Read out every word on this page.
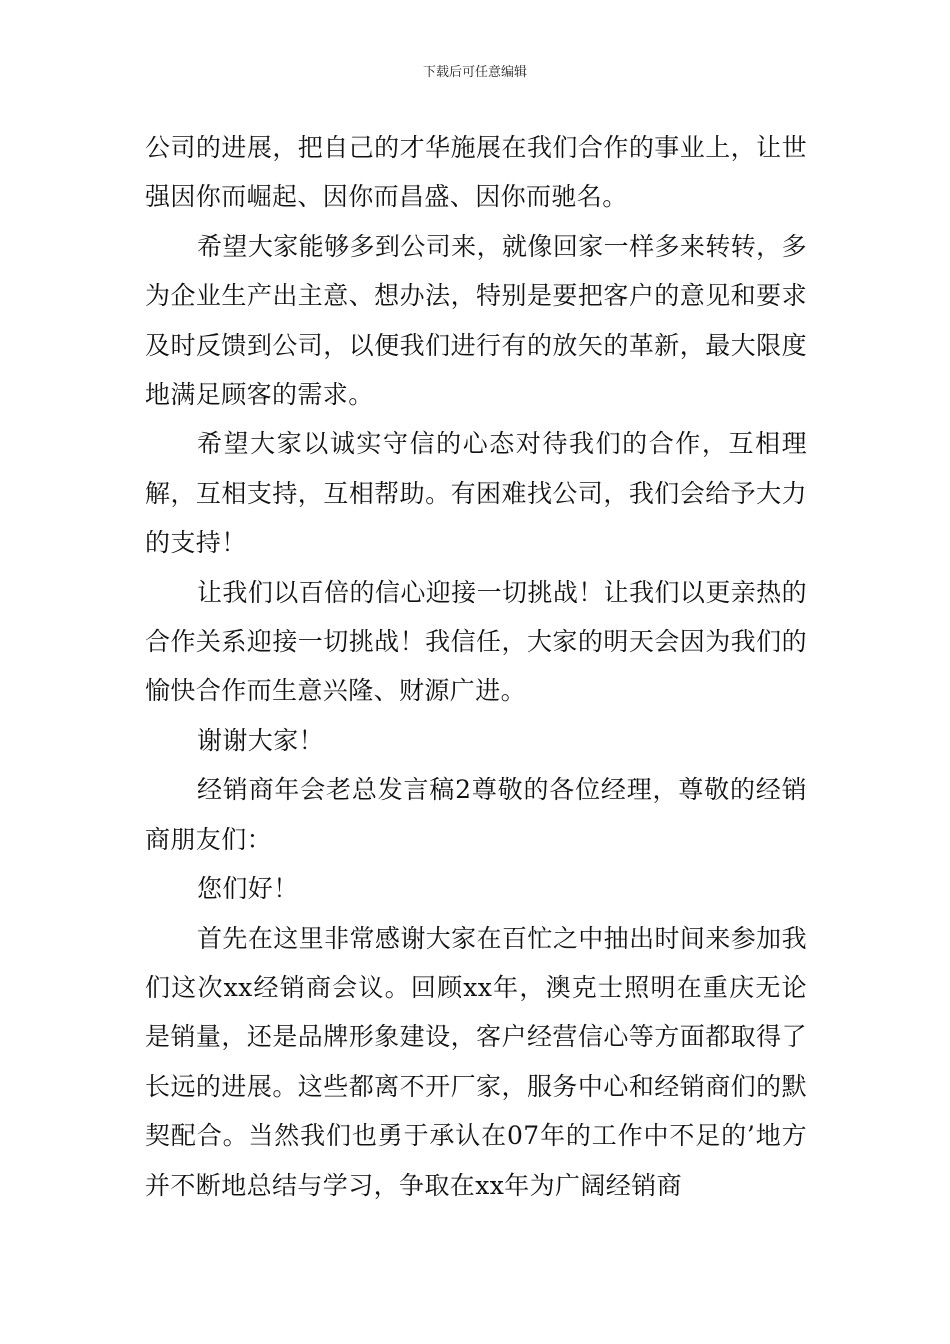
下载后可任意编辑

公司的进展，把自己的才华施展在我们合作的事业上，让世强因你而崛起、因你而昌盛、因你而驰名。

希望大家能够多到公司来，就像回家一样多来转转，多为企业生产出主意、想办法，特别是要把客户的意见和要求及时反馈到公司，以便我们进行有的放矢的革新，最大限度地满足顾客的需求。

希望大家以诚实守信的心态对待我们的合作，互相理解，互相支持，互相帮助。有困难找公司，我们会给予大力的支持！

让我们以百倍的信心迎接一切挑战！让我们以更亲热的合作关系迎接一切挑战！我信任，大家的明天会因为我们的愉快合作而生意兴隆、财源广进。

谢谢大家！

经销商年会老总发言稿2尊敬的各位经理，尊敬的经销商朋友们：

您们好！

首先在这里非常感谢大家在百忙之中抽出时间来参加我们这次xx经销商会议。回顾xx年，澳克士照明在重庆无论是销量，还是品牌形象建设，客户经营信心等方面都取得了长远的进展。这些都离不开厂家，服务中心和经销商们的默契配合。当然我们也勇于承认在07年的工作中不足的’地方并不断地总结与学习，争取在xx年为广阔经销商
